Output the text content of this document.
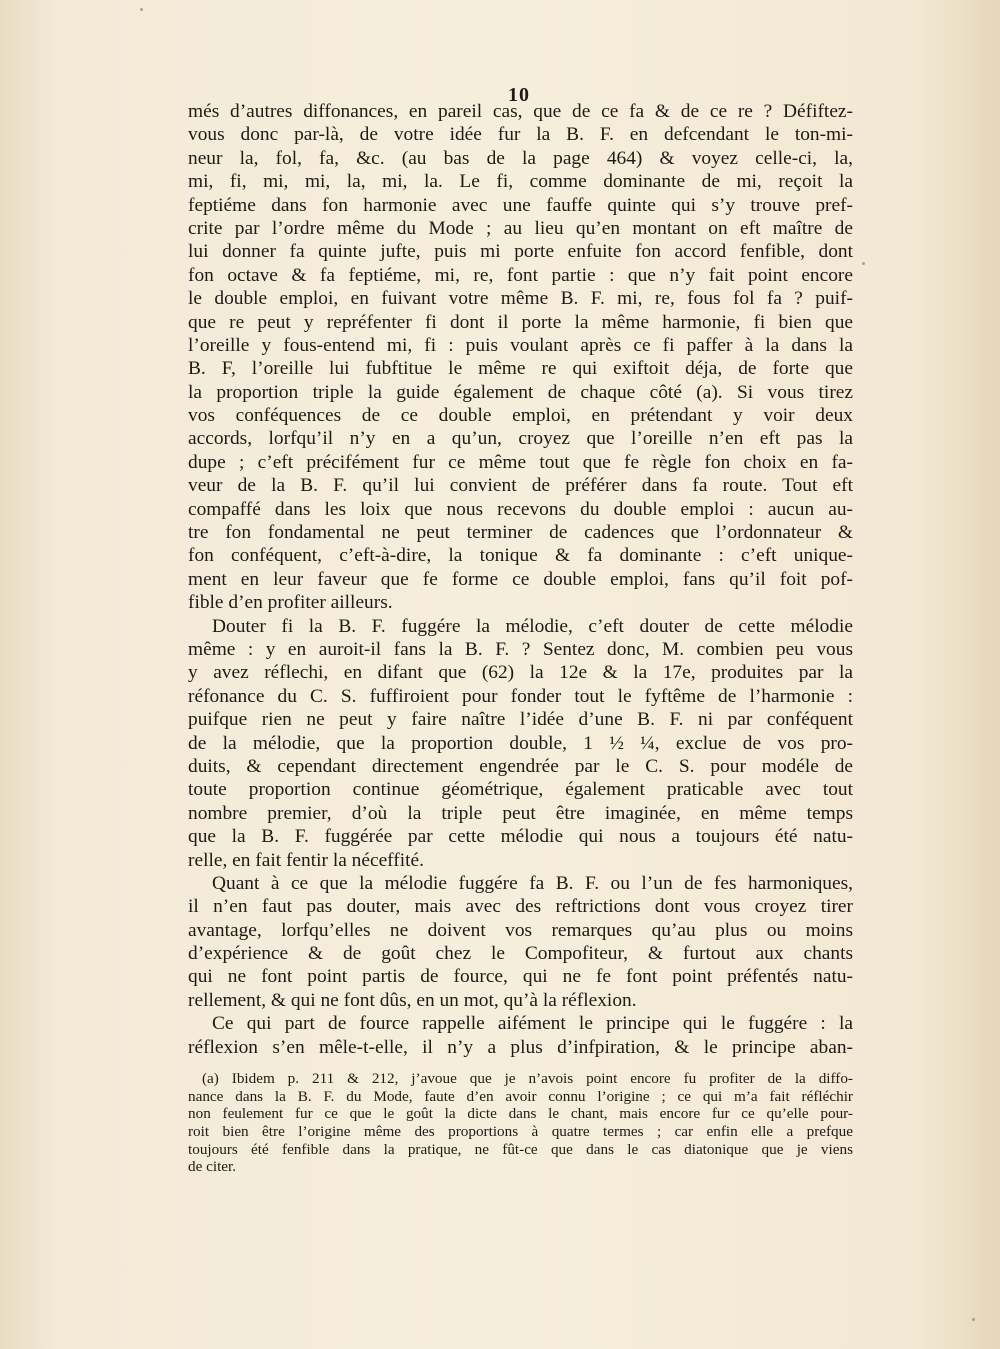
10
més d’autres diffonances, en pareil cas, que de ce fa & de ce re ? Défiftez-
vous donc par-là, de votre idée fur la B. F. en defcendant le ton-mi-
neur la, fol, fa, &c. (au bas de la page 464) & voyez celle-ci, la,
mi, fi, mi, mi, la, mi, la. Le fi, comme dominante de mi, reçoit la
feptiéme dans fon harmonie avec une fauffe quinte qui s’y trouve pref-
crite par l’ordre même du Mode ; au lieu qu’en montant on eft maître de
lui donner fa quinte jufte, puis mi porte enfuite fon accord fenfible, dont
fon octave & fa feptiéme, mi, re, font partie : que n’y fait point encore
le double emploi, en fuivant votre même B. F. mi, re, fous fol fa ? puif-
que re peut y repréfenter fi dont il porte la même harmonie, fi bien que
l’oreille y fous-entend mi, fi : puis voulant après ce fi paffer à la dans la
B. F, l’oreille lui fubftitue le même re qui exiftoit déja, de forte que
la proportion triple la guide également de chaque côté (a). Si vous tirez
vos conféquences de ce double emploi, en prétendant y voir deux
accords, lorfqu’il n’y en a qu’un, croyez que l’oreille n’en eft pas la
dupe ; c’eft précifément fur ce même tout que fe règle fon choix en fa-
veur de la B. F. qu’il lui convient de préférer dans fa route. Tout eft
compaffé dans les loix que nous recevons du double emploi : aucun au-
tre fon fondamental ne peut terminer de cadences que l’ordonnateur &
fon conféquent, c’eft-à-dire, la tonique & fa dominante : c’eft unique-
ment en leur faveur que fe forme ce double emploi, fans qu’il foit pof-
fible d’en profiter ailleurs.
Douter fi la B. F. fuggére la mélodie, c’eft douter de cette mélodie
même : y en auroit-il fans la B. F. ? Sentez donc, M. combien peu vous
y avez réflechi, en difant que (62) la 12e & la 17e, produites par la
réfonance du C. S. fuffiroient pour fonder tout le fyftême de l’harmonie :
puifque rien ne peut y faire naître l’idée d’une B. F. ni par conféquent
de la mélodie, que la proportion double, 1 ½ ¼, exclue de vos pro-
duits, & cependant directement engendrée par le C. S. pour modéle de
toute proportion continue géométrique, également praticable avec tout
nombre premier, d’où la triple peut être imaginée, en même temps
que la B. F. fuggérée par cette mélodie qui nous a toujours été natu-
relle, en fait fentir la néceffité.
Quant à ce que la mélodie fuggére fa B. F. ou l’un de fes harmoniques,
il n’en faut pas douter, mais avec des reftrictions dont vous croyez tirer
avantage, lorfqu’elles ne doivent vos remarques qu’au plus ou moins
d’expérience & de goût chez le Compofiteur, & furtout aux chants
qui ne font point partis de fource, qui ne fe font point préfentés natu-
rellement, & qui ne font dûs, en un mot, qu’à la réflexion.
Ce qui part de fource rappelle aifément le principe qui le fuggére : la
réflexion s’en mêle-t-elle, il n’y a plus d’infpiration, & le principe aban-
(a) Ibidem p. 211 & 212, j’avoue que je n’avois point encore fu profiter de la diffo-
nance dans la B. F. du Mode, faute d’en avoir connu l’origine ; ce qui m’a fait réfléchir
non feulement fur ce que le goût la dicte dans le chant, mais encore fur ce qu’elle pour-
roit bien être l’origine même des proportions à quatre termes ; car enfin elle a prefque
toujours été fenfible dans la pratique, ne fût-ce que dans le cas diatonique que je viens
de citer.
